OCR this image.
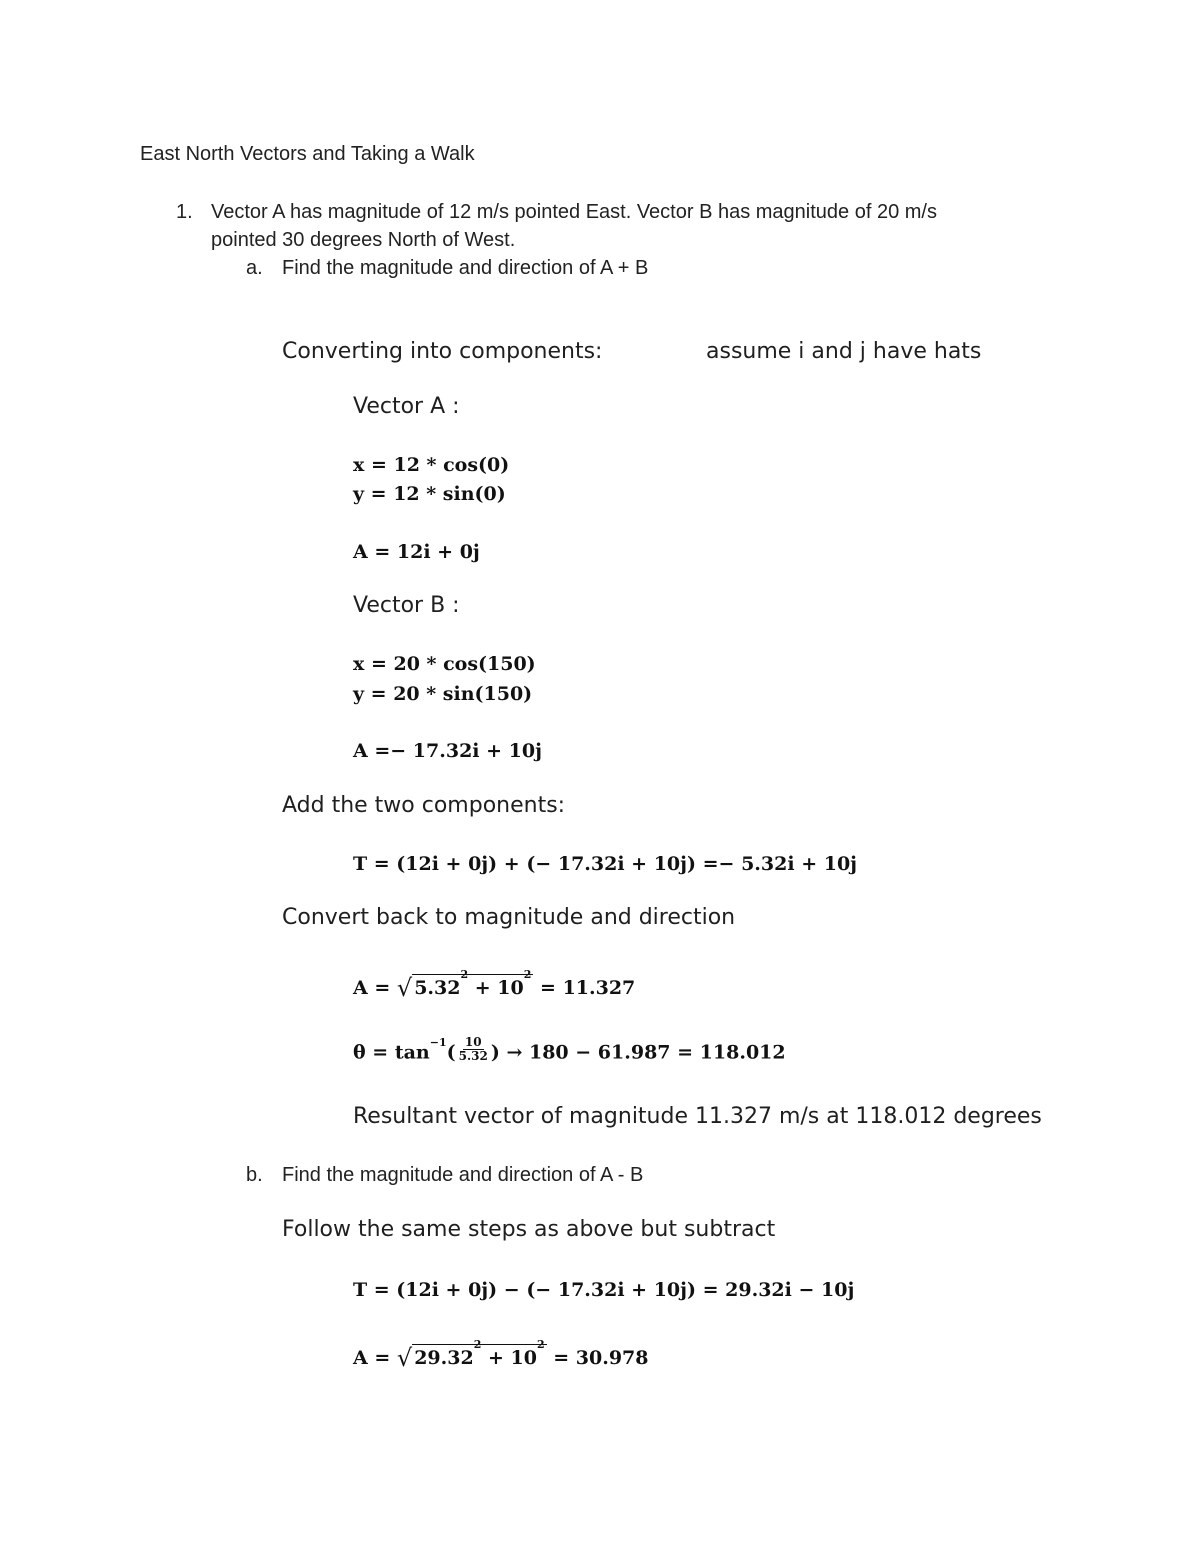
East North Vectors and Taking a Walk
1. Vector A has magnitude of 12 m/s pointed East. Vector B has magnitude of 20 m/s
pointed 30 degrees North of West.
a. Find the magnitude and direction of A + B
Converting into components:	assume i and j have hats
Vector A :
x = 12 * cos(0)
y = 12 * sin(0)
A = 12i + 0j
Vector B :
x = 20 * cos(150)
y = 20 * sin(150)
A =− 17.32i + 10j
Add the two components:
T = (12i + 0j) + (− 17.32i + 10j) =− 5.32i + 10j
Convert back to magnitude and direction
A = √ $5.32^2 + 10^2 = 11.327$
$\theta = \tan^{-1}( \frac{10}{5.32}$ ) → 180 − 61.987 = 118.012
Resultant vector of magnitude 11.327 m/s at 118.012 degrees
b. Find the magnitude and direction of A - B
Follow the same steps as above but subtract
T = (12i + 0j) − (− 17.32i + 10j) = 29.32i − 10j
A = √ $29.32^2 + 10^2 = 30.978$
